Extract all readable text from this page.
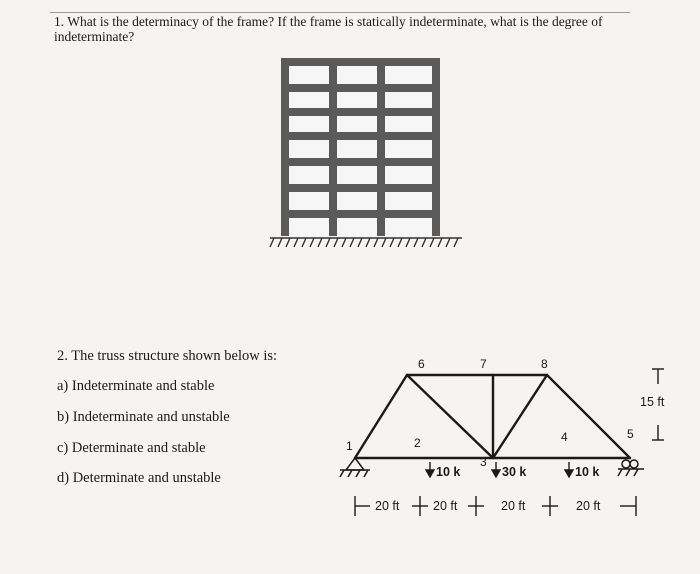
1. What is the determinacy of the frame? If the frame is statically indeterminate, what is the degree of indeterminate?
2. The truss structure shown below is:
a) Indeterminate and stable
b) Indeterminate and unstable
c) Determinate and stable
d) Determinate and unstable
1	2
3
4	5
6	7	8
10 k	30 k	10 k
20 ft	20 ft	20 ft	20 ft
15 ft
